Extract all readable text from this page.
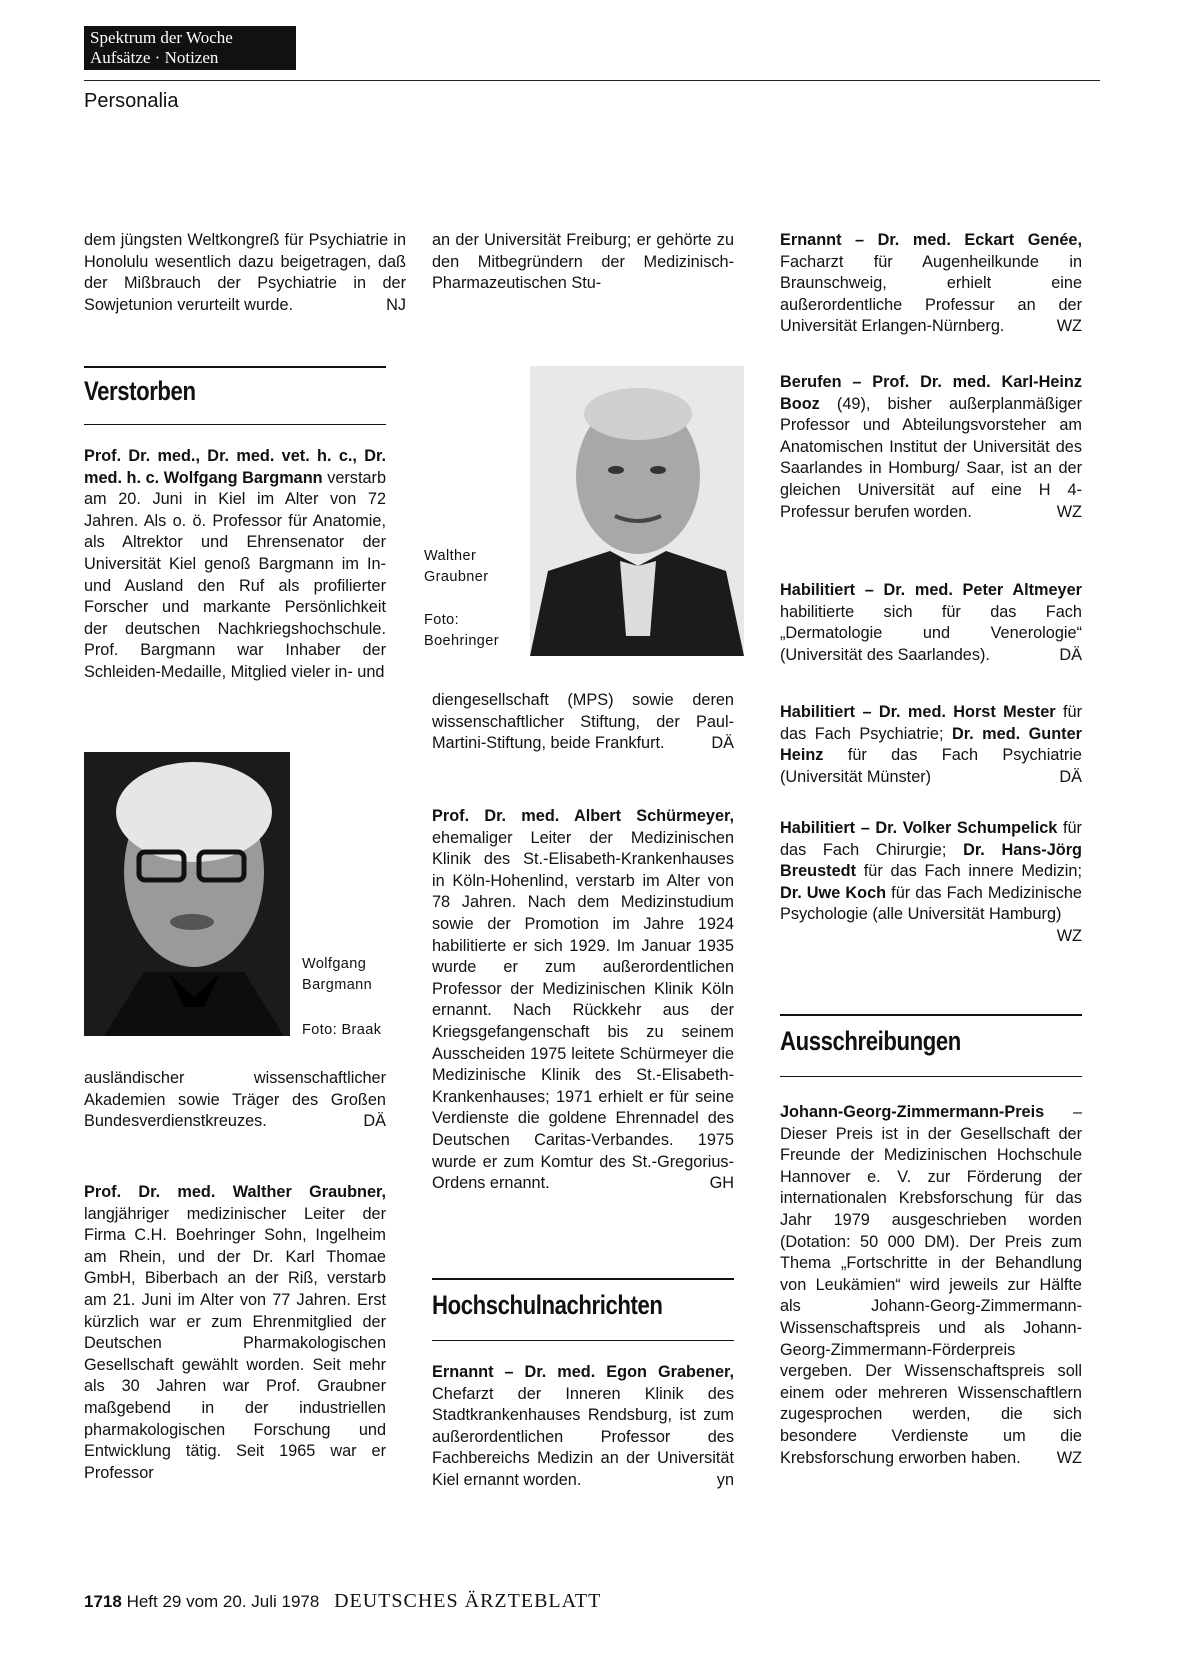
Spektrum der Woche
Aufsätze · Notizen
Personalia

dem jüngsten Weltkongreß für Psychiatrie in Honolulu wesentlich dazu beigetragen, daß der Mißbrauch der Psychiatrie in der Sowjetunion verurteilt wurde.	NJ

Verstorben

Prof. Dr. med., Dr. med. vet. h. c., Dr. med. h. c. Wolfgang Bargmann verstarb am 20. Juni in Kiel im Alter von 72 Jahren. Als o. ö. Professor für Anatomie, als Altrektor und Ehrensenator der Universität Kiel genoß Bargmann im In- und Ausland den Ruf als profilierter Forscher und markante Persönlichkeit der deutschen Nachkriegshochschule. Prof. Bargmann war Inhaber der Schleiden-Medaille, Mitglied vieler in- und

Wolfgang
Bargmann
Foto: Braak

ausländischer wissenschaftlicher Akademien sowie Träger des Großen Bundesverdienstkreuzes.	DÄ

Prof. Dr. med. Walther Graubner, langjähriger medizinischer Leiter der Firma C.H. Boehringer Sohn, Ingelheim am Rhein, und der Dr. Karl Thomae GmbH, Biberbach an der Riß, verstarb am 21. Juni im Alter von 77 Jahren. Erst kürzlich war er zum Ehrenmitglied der Deutschen Pharmakologischen Gesellschaft gewählt worden. Seit mehr als 30 Jahren war Prof. Graubner maßgebend in der industriellen pharmakologischen Forschung und Entwicklung tätig. Seit 1965 war er Professor

an der Universität Freiburg; er gehörte zu den Mitbegründern der Medizinisch-Pharmazeutischen Stu-

Walther
Graubner
Foto:
Boehringer

diengesellschaft (MPS) sowie deren wissenschaftlicher Stiftung, der Paul-Martini-Stiftung, beide Frankfurt.	DÄ

Prof. Dr. med. Albert Schürmeyer, ehemaliger Leiter der Medizinischen Klinik des St.-Elisabeth-Krankenhauses in Köln-Hohenlind, verstarb im Alter von 78 Jahren. Nach dem Medizinstudium sowie der Promotion im Jahre 1924 habilitierte er sich 1929. Im Januar 1935 wurde er zum außerordentlichen Professor der Medizinischen Klinik Köln ernannt. Nach Rückkehr aus der Kriegsgefangenschaft bis zu seinem Ausscheiden 1975 leitete Schürmeyer die Medizinische Klinik des St.-Elisabeth-Krankenhauses; 1971 erhielt er für seine Verdienste die goldene Ehrennadel des Deutschen Caritas-Verbandes. 1975 wurde er zum Komtur des St.-Gregorius-Ordens ernannt.	GH

Hochschulnachrichten

Ernannt – Dr. med. Egon Grabener, Chefarzt der Inneren Klinik des Stadtkrankenhauses Rendsburg, ist zum außerordentlichen Professor des Fachbereichs Medizin an der Universität Kiel ernannt worden.	yn

Ernannt – Dr. med. Eckart Genée, Facharzt für Augenheilkunde in Braunschweig, erhielt eine außerordentliche Professur an der Universität Erlangen-Nürnberg.	WZ

Berufen – Prof. Dr. med. Karl-Heinz Booz (49), bisher außerplanmäßiger Professor und Abteilungsvorsteher am Anatomischen Institut der Universität des Saarlandes in Homburg/ Saar, ist an der gleichen Universität auf eine H 4-Professur berufen worden.	WZ

Habilitiert – Dr. med. Peter Altmeyer habilitierte sich für das Fach „Dermatologie und Venerologie“ (Universität des Saarlandes).	DÄ

Habilitiert – Dr. med. Horst Mester für das Fach Psychiatrie; Dr. med. Gunter Heinz für das Fach Psychiatrie (Universität Münster)	DÄ

Habilitiert – Dr. Volker Schumpelick für das Fach Chirurgie; Dr. Hans-Jörg Breustedt für das Fach innere Medizin; Dr. Uwe Koch für das Fach Medizinische Psychologie (alle Universität Hamburg)
WZ

Ausschreibungen

Johann-Georg-Zimmermann-Preis – Dieser Preis ist in der Gesellschaft der Freunde der Medizinischen Hochschule Hannover e. V. zur Förderung der internationalen Krebsforschung für das Jahr 1979 ausgeschrieben worden (Dotation: 50 000 DM). Der Preis zum Thema „Fortschritte in der Behandlung von Leukämien“ wird jeweils zur Hälfte als Johann-Georg-Zimmermann-Wissenschaftspreis und als Johann-Georg-Zimmermann-Förderpreis vergeben. Der Wissenschaftspreis soll einem oder mehreren Wissenschaftlern zugesprochen werden, die sich besondere Verdienste um die Krebsforschung erworben haben. WZ

1718 Heft 29 vom 20. Juli 1978 DEUTSCHES ÄRZTEBLATT
